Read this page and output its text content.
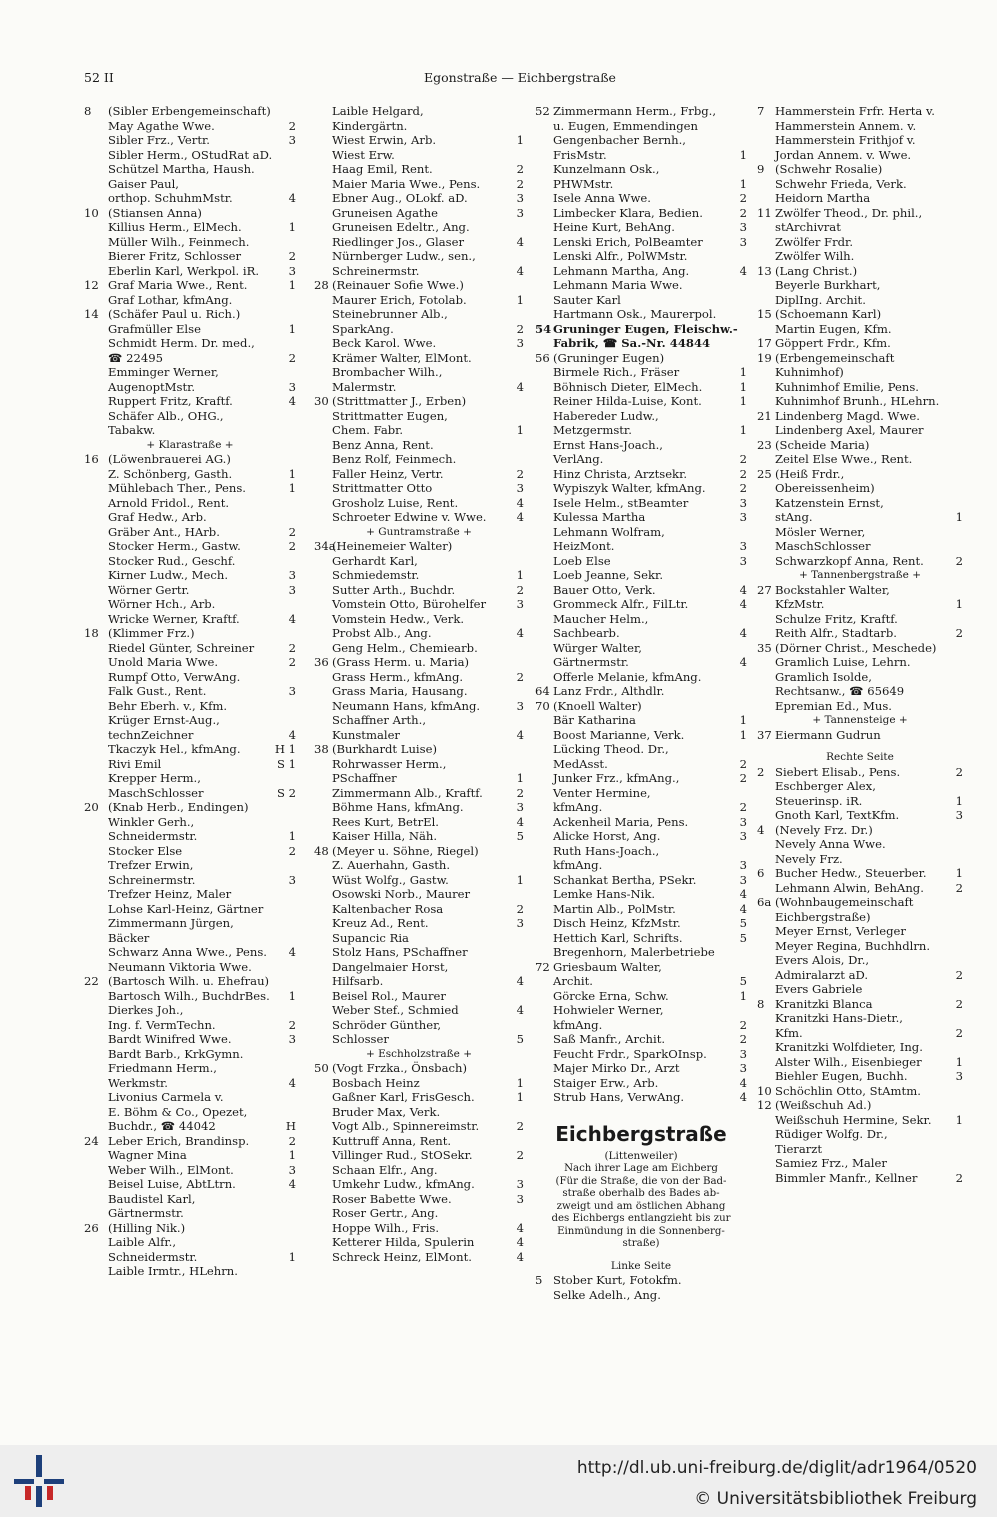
52 II	Egonstraße — Eichbergstraße
8 (Sibler Erbengemeinschaft)
May Agathe Wwe.	2
Sibler Frz., Vertr.	3
Sibler Herm., OStudRat aD.
Schützel Martha, Haush.
Gaiser Paul,
orthop. SchuhmMstr.	4
10 (Stiansen Anna)
Killius Herm., ElMech.	1
Müller Wilh., Feinmech.
Bierer Fritz, Schlosser	2
Eberlin Karl, Werkpol. iR.	3
12 Graf Maria Wwe., Rent.	1
Graf Lothar, kfmAng.
14 (Schäfer Paul u. Rich.)
Grafmüller Else	1
Schmidt Herm. Dr. med.,
☎ 22495	2
Emminger Werner,
AugenoptMstr.	3
Ruppert Fritz, Kraftf.	4
Schäfer Alb., OHG.,
Tabakw.
+ Klarastraße +
16 (Löwenbrauerei AG.)
Z. Schönberg, Gasth.	1
Mühlebach Ther., Pens.	1
Arnold Fridol., Rent.
Graf Hedw., Arb.
Gräber Ant., HArb.	2
Stocker Herm., Gastw.	2
Stocker Rud., Geschf.
Kirner Ludw., Mech.	3
Wörner Gertr.	3
Wörner Hch., Arb.
Wricke Werner, Kraftf.	4
18 (Klimmer Frz.)
Riedel Günter, Schreiner	2
Unold Maria Wwe.	2
Rumpf Otto, VerwAng.
Falk Gust., Rent.	3
Behr Eberh. v., Kfm.
Krüger Ernst-Aug.,
technZeichner	4
Tkaczyk Hel., kfmAng.	H 1
Rivi Emil	S 1
Krepper Herm.,
MaschSchlosser	S 2
20 (Knab Herb., Endingen)
Winkler Gerh.,
Schneidermstr.	1
Stocker Else	2
Trefzer Erwin,
Schreinermstr.	3
Trefzer Heinz, Maler
Lohse Karl-Heinz, Gärtner
Zimmermann Jürgen,
Bäcker
Schwarz Anna Wwe., Pens. 4
Neumann Viktoria Wwe.
22 (Bartosch Wilh. u. Ehefrau)
Bartosch Wilh., BuchdrBes. 1
Dierkes Joh.,
Ing. f. VermTechn.	2
Bardt Winifred Wwe.	3
Bardt Barb., KrkGymn.
Friedmann Herm.,
Werkmstr.	4
Livonius Carmela v.
E. Böhm & Co., Opezet,
Buchdr., ☎ 44042	H
24 Leber Erich, Brandinsp.	2
Wagner Mina	1
Weber Wilh., ElMont.	3
Beisel Luise, AbtLtrn.	4
Baudistel Karl,
Gärtnermstr.
26 (Hilling Nik.)
Laible Alfr.,
Schneidermstr.	1
Laible Irmtr., HLehrn.
Laible Helgard,
Kindergärtn.
Wiest Erwin, Arb.	1
Wiest Erw.
Haag Emil, Rent.	2
Maier Maria Wwe., Pens.	2
Ebner Aug., OLokf. aD.	3
Gruneisen Agathe	3
Gruneisen Edeltr., Ang.
Riedlinger Jos., Glaser	4
Nürnberger Ludw., sen.,
Schreinermstr.	4
28 (Reinauer Sofie Wwe.)
Maurer Erich, Fotolab.	1
Steinebrunner Alb.,
SparkAng.	2
Beck Karol. Wwe.	3
Krämer Walter, ElMont.
Brombacher Wilh.,
Malermstr.	4
30 (Strittmatter J., Erben)
Strittmatter Eugen,
Chem. Fabr.	1
Benz Anna, Rent.
Benz Rolf, Feinmech.
Faller Heinz, Vertr.	2
Strittmatter Otto	3
Grosholz Luise, Rent.	4
Schroeter Edwine v. Wwe.	4
+ Guntramstraße +
34a
(Heinemeier Walter)
Gerhardt Karl,
Schmiedemstr.	1
Sutter Arth., Buchdr.	2
Vomstein Otto, Bürohelfer	3
Vomstein Hedw., Verk.
Probst Alb., Ang.	4
Geng Helm., Chemiearb.
36 (Grass Herm. u. Maria)
Grass Herm., kfmAng.	2
Grass Maria, Hausang.
Neumann Hans, kfmAng.	3
Schaffner Arth.,
Kunstmaler	4
38 (Burkhardt Luise)
Rohrwasser Herm.,
PSchaffner	1
Zimmermann Alb., Kraftf.	2
Böhme Hans, kfmAng.	3
Rees Kurt, BetrEl.	4
Kaiser Hilla, Näh.	5
48 (Meyer u. Söhne, Riegel)
Z. Auerhahn, Gasth.
Wüst Wolfg., Gastw.	1
Osowski Norb., Maurer
Kaltenbacher Rosa	2
Kreuz Ad., Rent.	3
Supancic Ria
Stolz Hans, PSchaffner
Dangelmaier Horst,
Hilfsarb.	4
Beisel Rol., Maurer
Weber Stef., Schmied	4
Schröder Günther,
Schlosser	5
+ Eschholzstraße +
50 (Vogt Frzka., Önsbach)
Bosbach Heinz	1
Gaßner Karl, FrisGesch.	1
Bruder Max, Verk.
Vogt Alb., Spinnereimstr.	2
Kuttruff Anna, Rent.
Villinger Rud., StOSekr.	2
Schaan Elfr., Ang.
Umkehr Ludw., kfmAng.	3
Roser Babette Wwe.	3
Roser Gertr., Ang.
Hoppe Wilh., Fris.	4
Ketterer Hilda, Spulerin	4
Schreck Heinz, ElMont.	4
52 Zimmermann Herm., Frbg.,
u. Eugen, Emmendingen
Gengenbacher Bernh.,
FrisMstr.	1
Kunzelmann Osk.,
PHWMstr.	1
Isele Anna Wwe.	2
Limbecker Klara, Bedien.	2
Heine Kurt, BehAng.	3
Lenski Erich, PolBeamter	3
Lenski Alfr., PolWMstr.
Lehmann Martha, Ang.	4
Lehmann Maria Wwe.
Sauter Karl
Hartmann Osk., Maurerpol.
54 Gruninger Eugen, Fleischw.-
Fabrik, ☎ Sa.-Nr. 44844
56 (Gruninger Eugen)
Birmele Rich., Fräser	1
Böhnisch Dieter, ElMech.	1
Reiner Hilda-Luise, Kont.	1
Habereder Ludw.,
Metzgermstr.	1
Ernst Hans-Joach.,
VerlAng.	2
Hinz Christa, Arztsekr.	2
Wypiszyk Walter, kfmAng.	2
Isele Helm., stBeamter	3
Kulessa Martha	3
Lehmann Wolfram,
HeizMont.	3
Loeb Else	3
Loeb Jeanne, Sekr.
Bauer Otto, Verk.	4
Grommeck Alfr., FilLtr.	4
Maucher Helm.,
Sachbearb.	4
Würger Walter,
Gärtnermstr.	4
Offerle Melanie, kfmAng.
64 Lanz Frdr., Althdlr.
70 (Knoell Walter)
Bär Katharina	1
Boost Marianne, Verk.	1
Lücking Theod. Dr.,
MedAsst.	2
Junker Frz., kfmAng.,	2
Venter Hermine,
kfmAng.	2
Ackenheil Maria, Pens.	3
Alicke Horst, Ang.	3
Ruth Hans-Joach.,
kfmAng.	3
Schankat Bertha, PSekr.	3
Lemke Hans-Nik.	4
Martin Alb., PolMstr.	4
Disch Heinz, KfzMstr.	5
Hettich Karl, Schrifts.	5
Bregenhorn, Malerbetriebe
72 Griesbaum Walter,
Archit.	5
Görcke Erna, Schw.	1
Hohwieler Werner,
kfmAng.	2
Saß Manfr., Archit.	2
Feucht Frdr., SparkOInsp.	3
Majer Mirko Dr., Arzt	3
Staiger Erw., Arb.	4
Strub Hans, VerwAng.	4
Eichbergstraße
(Littenweiler)
Nach ihrer Lage am Eichberg
(Für die Straße, die von der Bad-
straße oberhalb des Bades ab-
zweigt und am östlichen Abhang
des Eichbergs entlangzieht bis zur
Einmündung in die Sonnenberg-
straße)
Linke Seite
5 Stober Kurt, Fotokfm.
Selke Adelh., Ang.
7 Hammerstein Frfr. Herta v.
Hammerstein Annem. v.
Hammerstein Frithjof v.
Jordan Annem. v. Wwe.
9 (Schwehr Rosalie)
Schwehr Frieda, Verk.
Heidorn Martha
11 Zwölfer Theod., Dr. phil.,
stArchivrat
Zwölfer Frdr.
Zwölfer Wilh.
13 (Lang Christ.)
Beyerle Burkhart,
DiplIng. Archit.
15 (Schoemann Karl)
Martin Eugen, Kfm.
17 Göppert Frdr., Kfm.
19 (Erbengemeinschaft
Kuhnimhof)
Kuhnimhof Emilie, Pens.
Kuhnimhof Brunh., HLehrn.
21 Lindenberg Magd. Wwe.
Lindenberg Axel, Maurer
23 (Scheide Maria)
Zeitel Else Wwe., Rent.
25 (Heiß Frdr.,
Obereissenheim)
Katzenstein Ernst,
stAng.	1
Mösler Werner,
MaschSchlosser
Schwarzkopf Anna, Rent.	2
+ Tannenbergstraße +
27 Bockstahler Walter,
KfzMstr.	1
Schulze Fritz, Kraftf.
Reith Alfr., Stadtarb.	2
35 (Dörner Christ., Meschede)
Gramlich Luise, Lehrn.
Gramlich Isolde,
Rechtsanw., ☎ 65649
Epremian Ed., Mus.
+ Tannensteige +
37 Eiermann Gudrun
Rechte Seite
2 Siebert Elisab., Pens.	2
Eschberger Alex,
Steuerinsp. iR.	1
Gnoth Karl, TextKfm.	3
4 (Nevely Frz. Dr.)
Nevely Anna Wwe.
Nevely Frz.
6 Bucher Hedw., Steuerber.	1
Lehmann Alwin, BehAng.	2
6a (Wohnbaugemeinschaft
Eichbergstraße)
Meyer Ernst, Verleger
Meyer Regina, Buchhdlrn.
Evers Alois, Dr.,
Admiralarzt aD.	2
Evers Gabriele
8 Kranitzki Blanca	2
Kranitzki Hans-Dietr.,
Kfm.	2
Kranitzki Wolfdieter, Ing.
Alster Wilh., Eisenbieger	1
Biehler Eugen, Buchh.	3
10 Schöchlin Otto, StAmtm.
12 (Weißschuh Ad.)
Weißschuh Hermine, Sekr. 1
Rüdiger Wolfg. Dr.,
Tierarzt
Samiez Frz., Maler
Bimmler Manfr., Kellner	2
http://dl.ub.uni-freiburg.de/diglit/adr1964/0520
© Universitätsbibliothek Freiburg
